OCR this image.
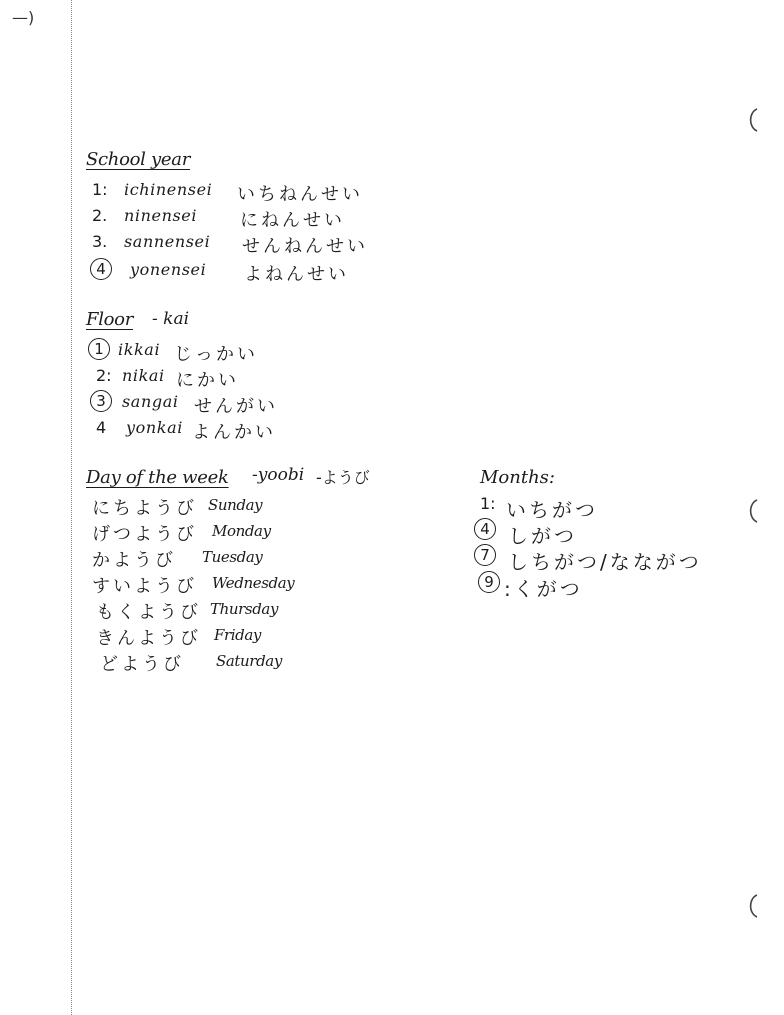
—)
School year
1: ichinensei いちねんせい
2. ninensei にねんせい
3. sannensei せんねんせい
4	yonensei よねんせい
Floor - kai
1 ikkai じっかい
2: nikai にかい
3	sangai せんがい
4 yonkai よんかい
Day of the week -yoobi -ようび
にちようび Sunday
げつようび Monday
かようび Tuesday
すいようび Wednesday
もくようび Thursday
きんようび Friday
どようび Saturday
Months:
1: いちがつ
4 しがつ
7 しちがつ/なながつ
9 :くがつ
